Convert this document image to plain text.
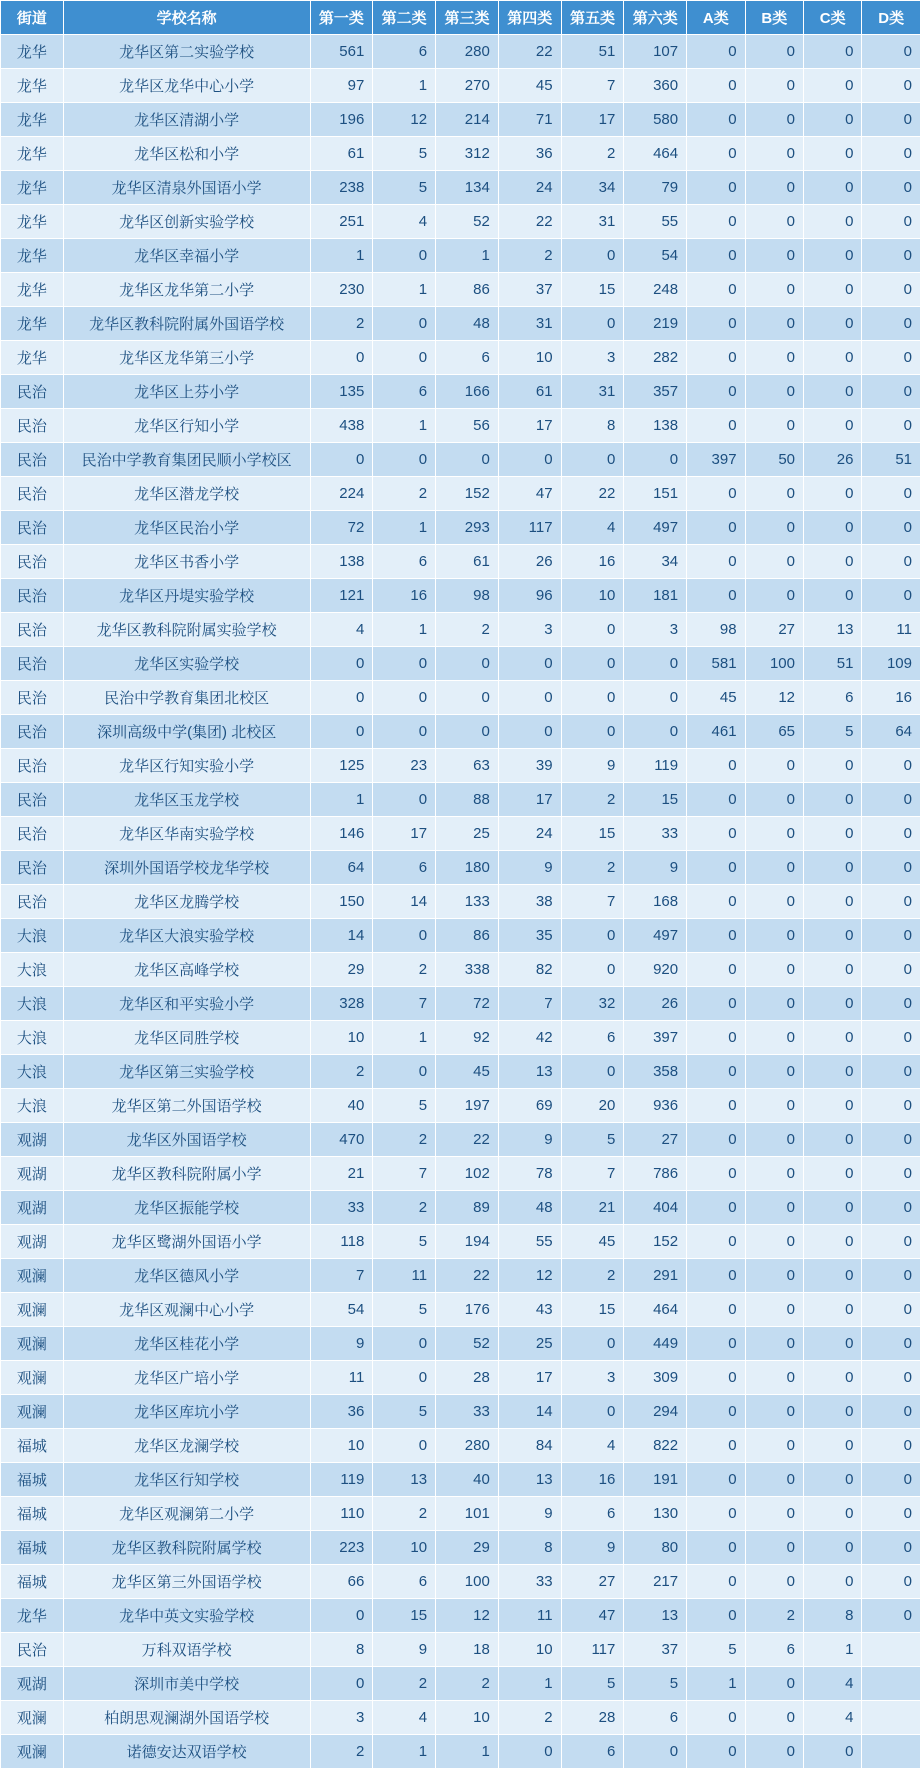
街道	学校名称	第一类	第二类	第三类	第四类	第五类	第六类	A类	B类	C类	D类
龙华	龙华区第二实验学校	561	6	280	22	51	107	0	0	0	0
龙华	龙华区龙华中心小学	97	1	270	45	7	360	0	0	0	0
龙华	龙华区清湖小学	196	12	214	71	17	580	0	0	0	0
龙华	龙华区松和小学	61	5	312	36	2	464	0	0	0	0
龙华	龙华区清泉外国语小学	238	5	134	24	34	79	0	0	0	0
龙华	龙华区创新实验学校	251	4	52	22	31	55	0	0	0	0
龙华	龙华区幸福小学	1	0	1	2	0	54	0	0	0	0
龙华	龙华区龙华第二小学	230	1	86	37	15	248	0	0	0	0
龙华	龙华区教科院附属外国语学校	2	0	48	31	0	219	0	0	0	0
龙华	龙华区龙华第三小学	0	0	6	10	3	282	0	0	0	0
民治	龙华区上芬小学	135	6	166	61	31	357	0	0	0	0
民治	龙华区行知小学	438	1	56	17	8	138	0	0	0	0
民治	民治中学教育集团民顺小学校区	0	0	0	0	0	0	397	50	26	51
民治	龙华区潜龙学校	224	2	152	47	22	151	0	0	0	0
民治	龙华区民治小学	72	1	293	117	4	497	0	0	0	0
民治	龙华区书香小学	138	6	61	26	16	34	0	0	0	0
民治	龙华区丹堤实验学校	121	16	98	96	10	181	0	0	0	0
民治	龙华区教科院附属实验学校	4	1	2	3	0	3	98	27	13	11
民治	龙华区实验学校	0	0	0	0	0	0	581	100	51	109
民治	民治中学教育集团北校区	0	0	0	0	0	0	45	12	6	16
民治	深圳高级中学(集团) 北校区	0	0	0	0	0	0	461	65	5	64
民治	龙华区行知实验小学	125	23	63	39	9	119	0	0	0	0
民治	龙华区玉龙学校	1	0	88	17	2	15	0	0	0	0
民治	龙华区华南实验学校	146	17	25	24	15	33	0	0	0	0
民治	深圳外国语学校龙华学校	64	6	180	9	2	9	0	0	0	0
民治	龙华区龙腾学校	150	14	133	38	7	168	0	0	0	0
大浪	龙华区大浪实验学校	14	0	86	35	0	497	0	0	0	0
大浪	龙华区高峰学校	29	2	338	82	0	920	0	0	0	0
大浪	龙华区和平实验小学	328	7	72	7	32	26	0	0	0	0
大浪	龙华区同胜学校	10	1	92	42	6	397	0	0	0	0
大浪	龙华区第三实验学校	2	0	45	13	0	358	0	0	0	0
大浪	龙华区第二外国语学校	40	5	197	69	20	936	0	0	0	0
观湖	龙华区外国语学校	470	2	22	9	5	27	0	0	0	0
观湖	龙华区教科院附属小学	21	7	102	78	7	786	0	0	0	0
观湖	龙华区振能学校	33	2	89	48	21	404	0	0	0	0
观湖	龙华区鹭湖外国语小学	118	5	194	55	45	152	0	0	0	0
观澜	龙华区德风小学	7	11	22	12	2	291	0	0	0	0
观澜	龙华区观澜中心小学	54	5	176	43	15	464	0	0	0	0
观澜	龙华区桂花小学	9	0	52	25	0	449	0	0	0	0
观澜	龙华区广培小学	11	0	28	17	3	309	0	0	0	0
观澜	龙华区库坑小学	36	5	33	14	0	294	0	0	0	0
福城	龙华区龙澜学校	10	0	280	84	4	822	0	0	0	0
福城	龙华区行知学校	119	13	40	13	16	191	0	0	0	0
福城	龙华区观澜第二小学	110	2	101	9	6	130	0	0	0	0
福城	龙华区教科院附属学校	223	10	29	8	9	80	0	0	0	0
福城	龙华区第三外国语学校	66	6	100	33	27	217	0	0	0	0
龙华	龙华中英文实验学校	0	15	12	11	47	13	0	2	8	0
民治	万科双语学校	8	9	18	10	117	37	5	6	1	
观湖	深圳市美中学校	0	2	2	1	5	5	1	0	4	
观澜	柏朗思观澜湖外国语学校	3	4	10	2	28	6	0	0	4	
观澜	诺德安达双语学校	2	1	1	0	6	0	0	0	0	
